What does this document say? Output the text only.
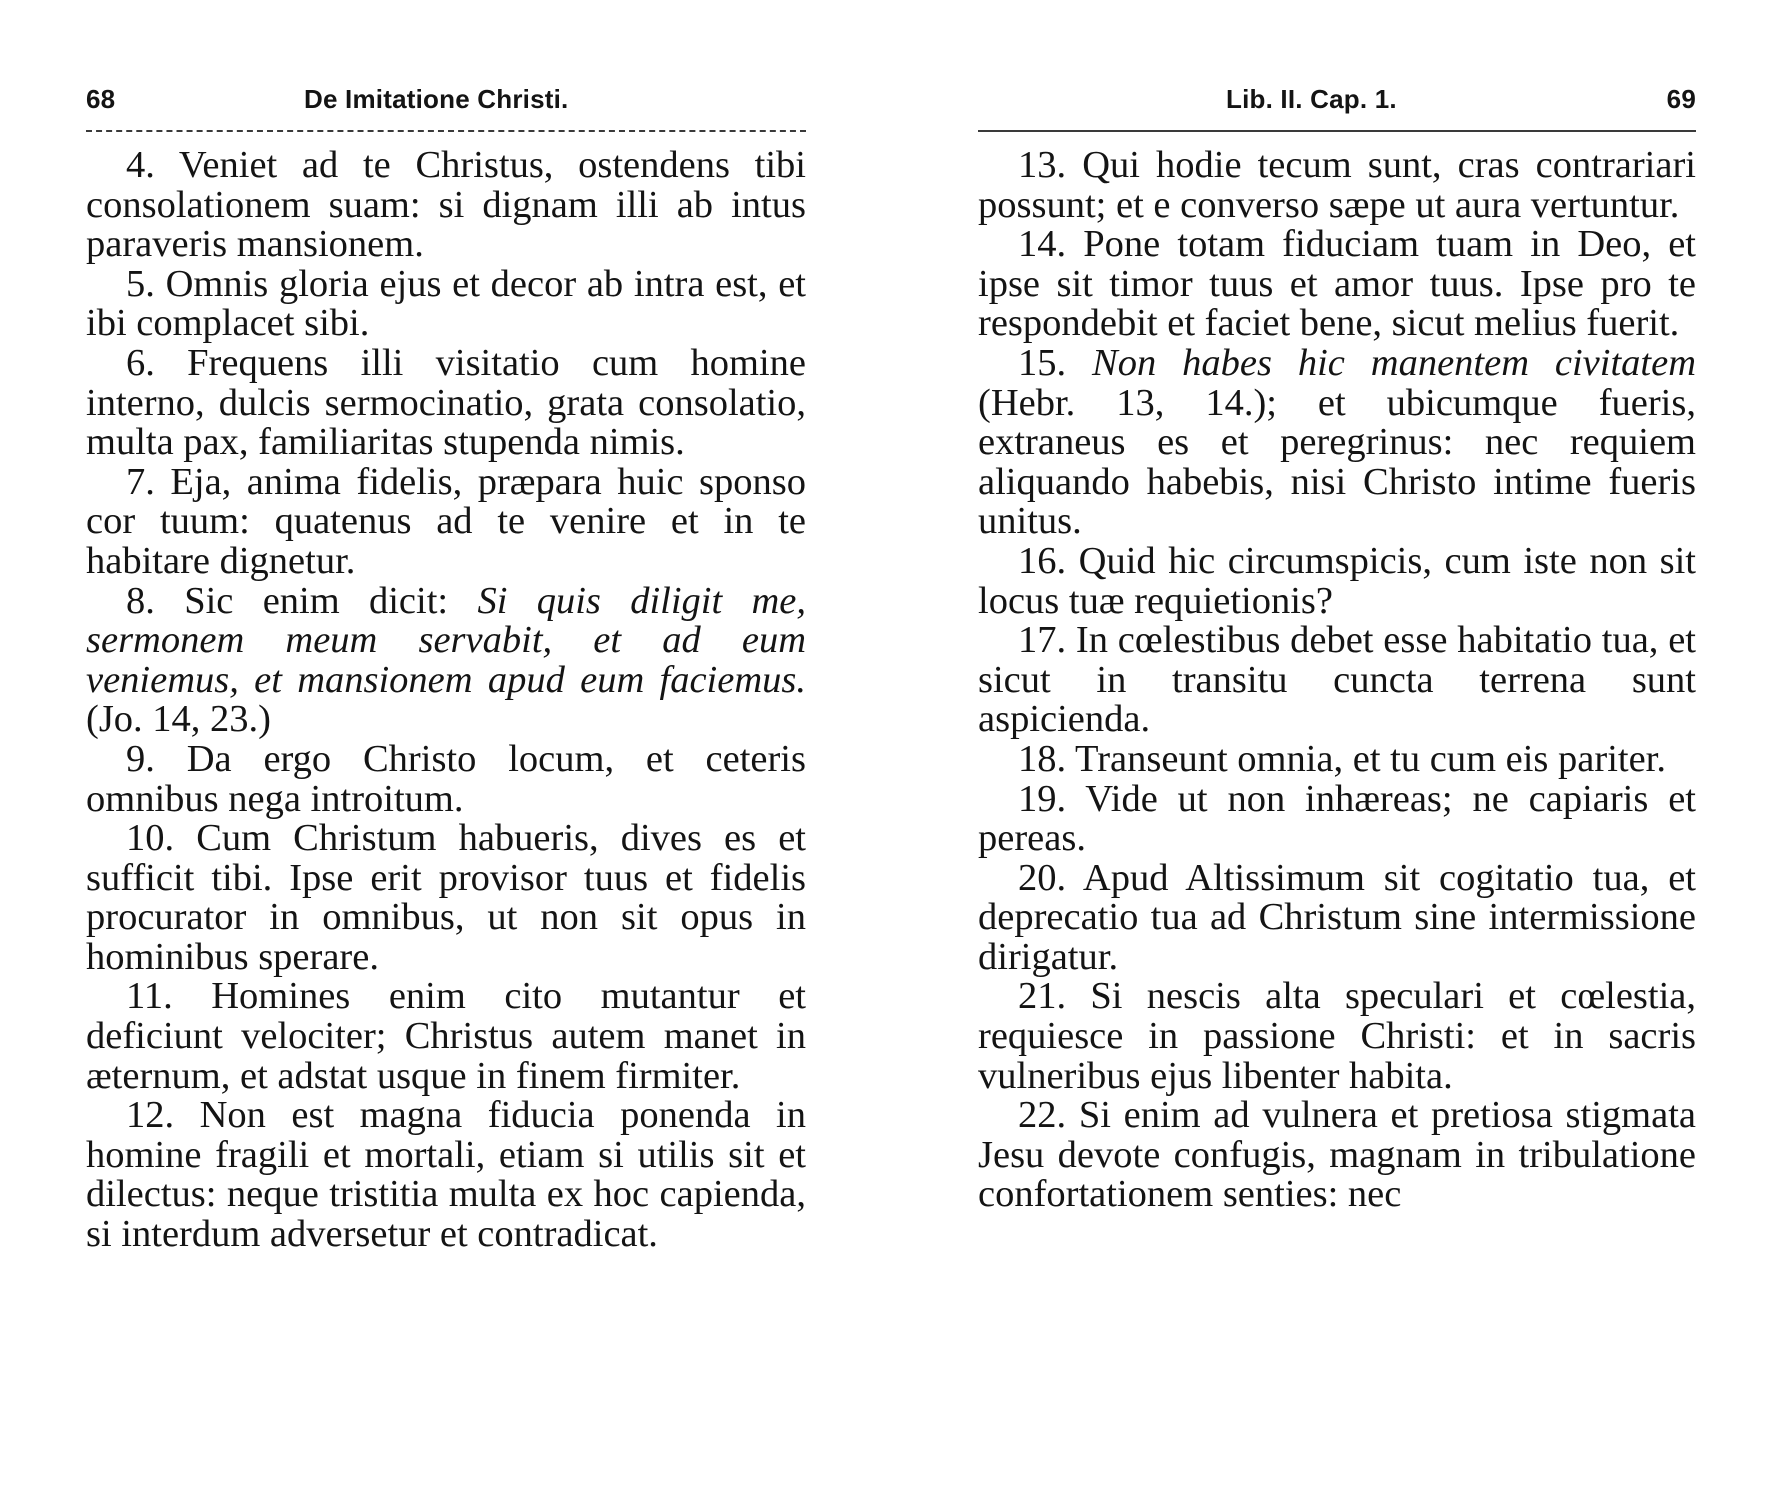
68	De Imitatione Christi.

4. Veniet ad te Christus, ostendens tibi consolationem suam: si dignam illi ab intus paraveris mansionem.

5. Omnis gloria ejus et decor ab intra est, et ibi complacet sibi.

6. Frequens illi visitatio cum homine interno, dulcis sermocinatio, grata consolatio, multa pax, familiaritas stupenda nimis.

7. Eja, anima fidelis, præpara huic sponso cor tuum: quatenus ad te venire et in te habitare dignetur.

8. Sic enim dicit: Si quis diligit me, sermonem meum servabit, et ad eum veniemus, et mansionem apud eum faciemus. (Jo. 14, 23.)

9. Da ergo Christo locum, et ceteris omnibus nega introitum.

10. Cum Christum habueris, dives es et sufficit tibi. Ipse erit provisor tuus et fidelis procurator in omnibus, ut non sit opus in hominibus sperare.

11. Homines enim cito mutantur et deficiunt velociter; Christus autem manet in æternum, et adstat usque in finem firmiter.

12. Non est magna fiducia ponenda in homine fragili et mortali, etiam si utilis sit et dilectus: neque tristitia multa ex hoc capienda, si interdum adversetur et contradicat.

Lib. II. Cap. 1.	69

13. Qui hodie tecum sunt, cras contrariari possunt; et e converso sæpe ut aura vertuntur.

14. Pone totam fiduciam tuam in Deo, et ipse sit timor tuus et amor tuus. Ipse pro te respondebit et faciet bene, sicut melius fuerit.

15. Non habes hic manentem civitatem (Hebr. 13, 14.); et ubicumque fueris, extraneus es et peregrinus: nec requiem aliquando habebis, nisi Christo intime fueris unitus.

16. Quid hic circumspicis, cum iste non sit locus tuæ requietionis?

17. In cœlestibus debet esse habitatio tua, et sicut in transitu cuncta terrena sunt aspicienda.

18. Transeunt omnia, et tu cum eis pariter.

19. Vide ut non inhæreas; ne capiaris et pereas.

20. Apud Altissimum sit cogitatio tua, et deprecatio tua ad Christum sine intermissione dirigatur.

21. Si nescis alta speculari et cœlestia, requiesce in passione Christi: et in sacris vulneribus ejus libenter habita.

22. Si enim ad vulnera et pretiosa stigmata Jesu devote confugis, magnam in tribulatione confortationem senties: nec
